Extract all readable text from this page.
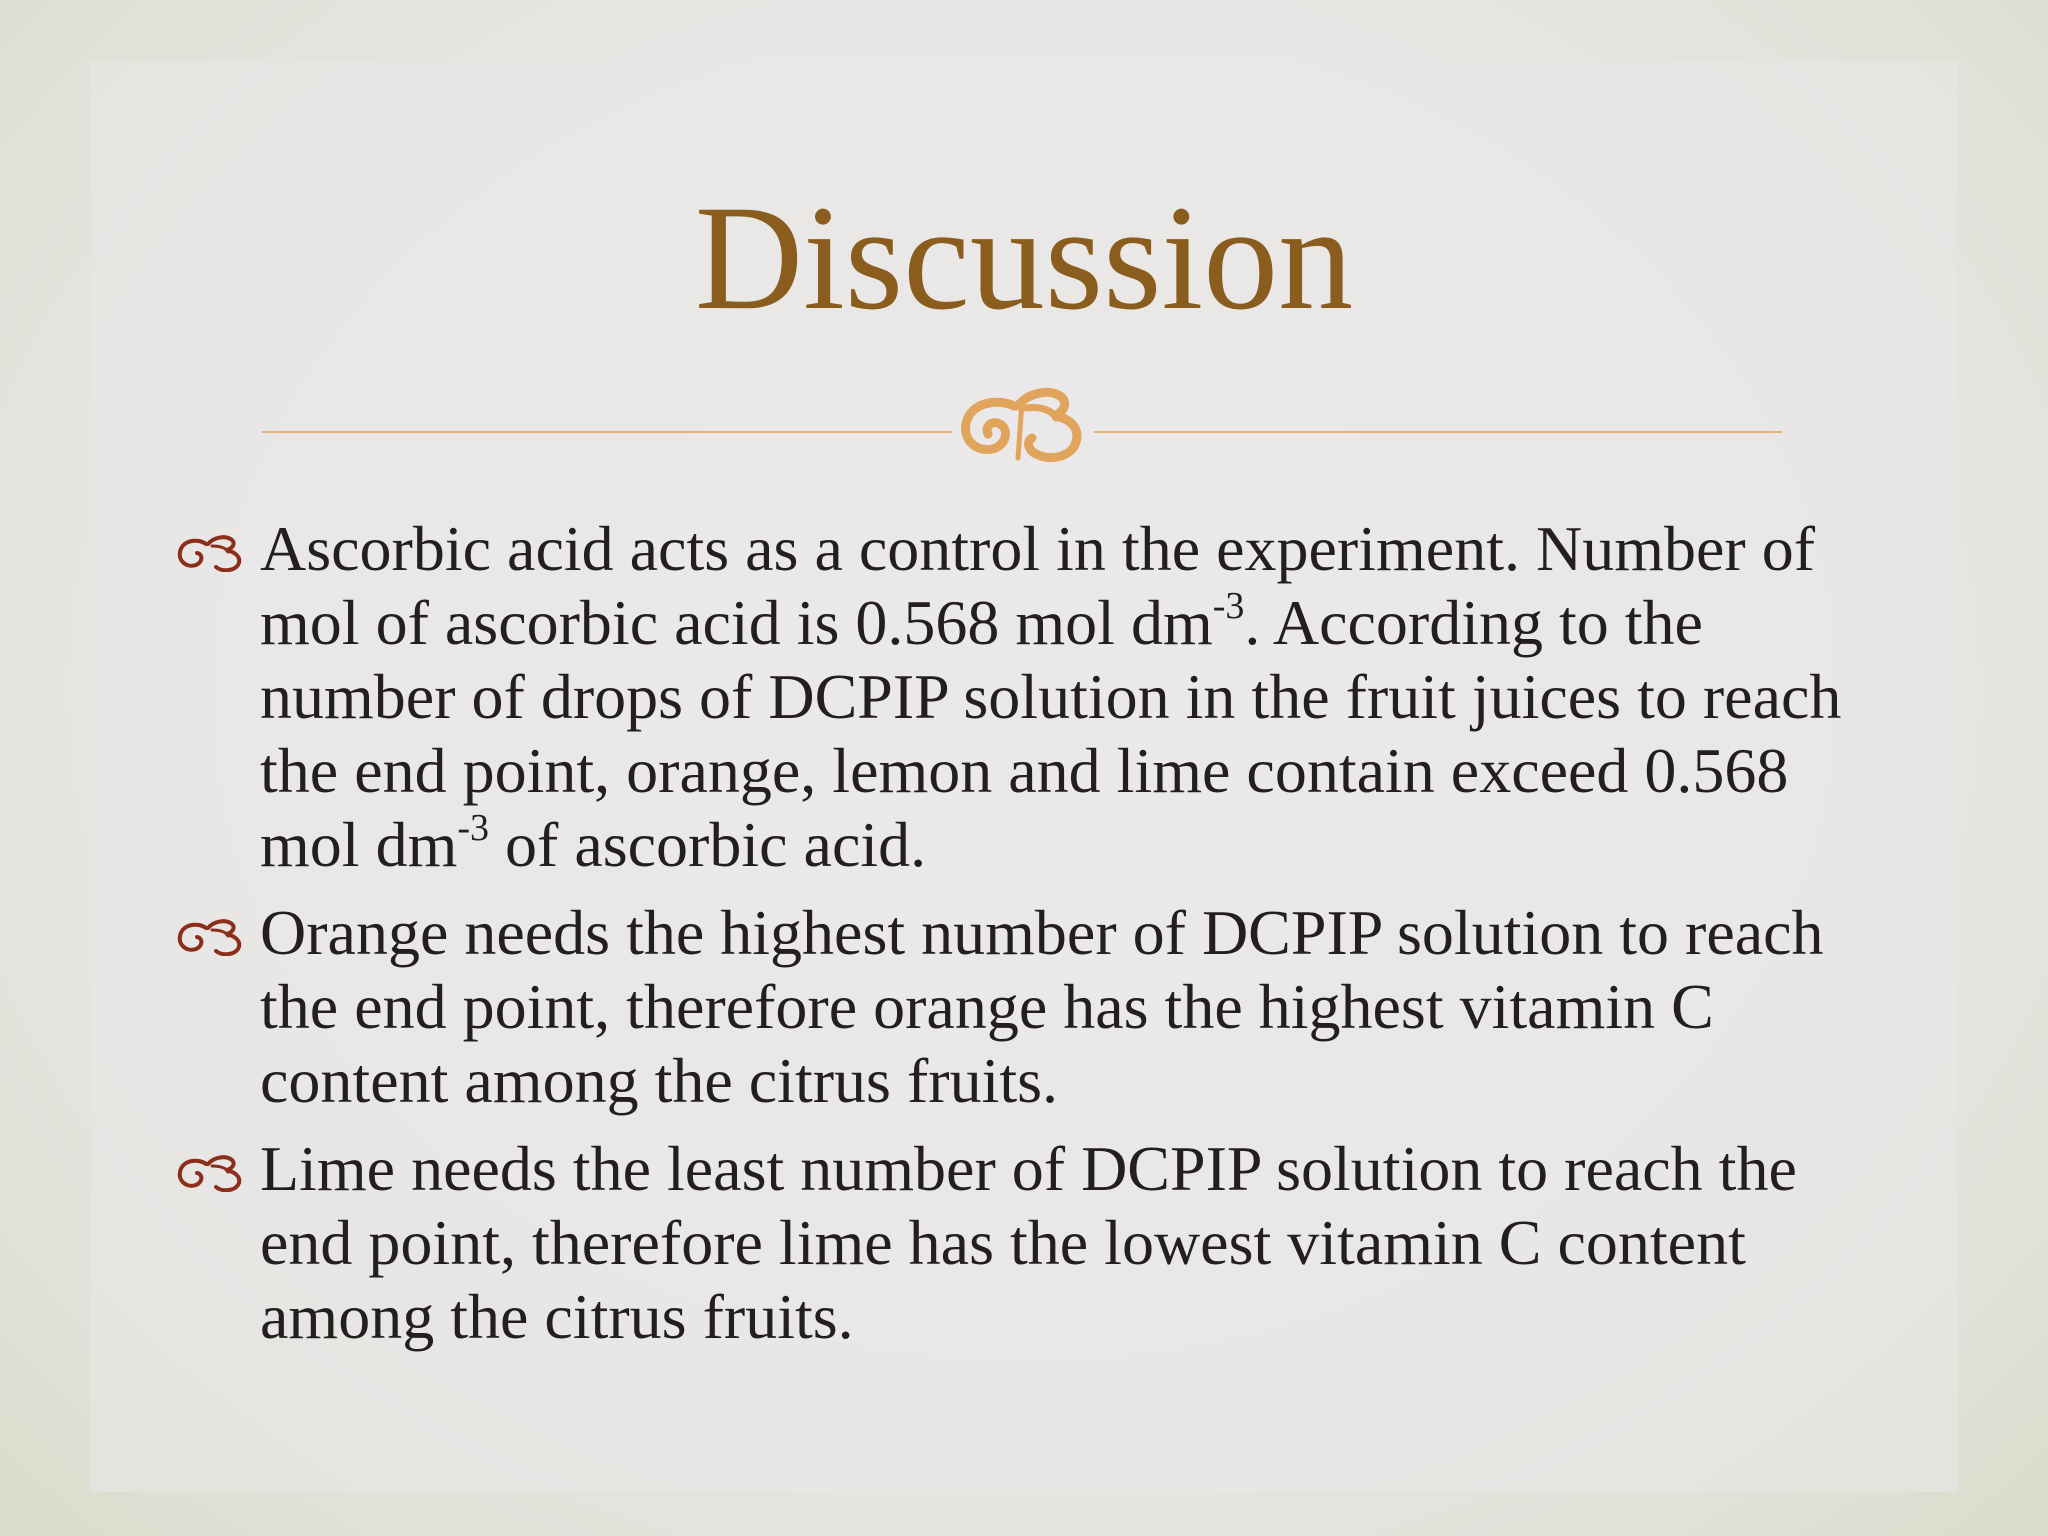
Discussion
Ascorbic acid acts as a control in the experiment. Number of mol of ascorbic acid is 0.568 mol $dm^{-3}$. According to the number of drops of DCPIP solution in the fruit juices to reach the end point, orange, lemon and lime contain exceed 0.568 mol $dm^{-3}$ of ascorbic acid.
Orange needs the highest number of DCPIP solution to reach the end point, therefore orange has the highest vitamin C content among the citrus fruits.
Lime needs the least number of DCPIP solution to reach the end point, therefore lime has the lowest vitamin C content among the citrus fruits.
